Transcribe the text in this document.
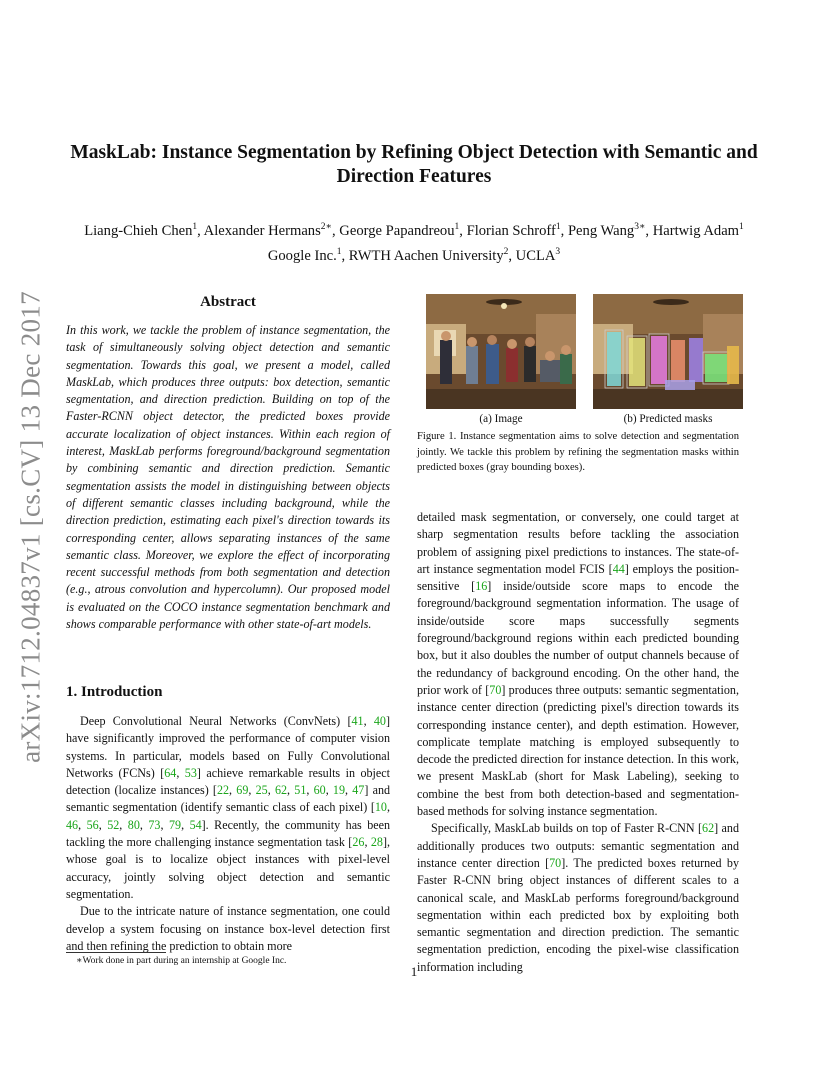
arXiv:1712.04837v1 [cs.CV] 13 Dec 2017
MaskLab: Instance Segmentation by Refining Object Detection with Semantic and Direction Features
Liang-Chieh Chen$^1$, Alexander Hermans$^{2∗}$, George Papandreou$^1$, Florian Schroff$^1$, Peng Wang$^{3∗}$, Hartwig Adam$^1$
Google Inc.$^1$, RWTH Aachen University$^2$, UCLA$^3$
Abstract
In this work, we tackle the problem of instance segmentation, the task of simultaneously solving object detection and semantic segmentation. Towards this goal, we present a model, called MaskLab, which produces three outputs: box detection, semantic segmentation, and direction prediction. Building on top of the Faster-RCNN object detector, the predicted boxes provide accurate localization of object instances. Within each region of interest, MaskLab performs foreground/background segmentation by combining semantic and direction prediction. Semantic segmentation assists the model in distinguishing between objects of different semantic classes including background, while the direction prediction, estimating each pixel's direction towards its corresponding center, allows separating instances of the same semantic class. Moreover, we explore the effect of incorporating recent successful methods from both segmentation and detection (e.g., atrous convolution and hypercolumn). Our proposed model is evaluated on the COCO instance segmentation benchmark and shows comparable performance with other state-of-art models.
1. Introduction

Deep Convolutional Neural Networks (ConvNets) [41, 40] have significantly improved the performance of computer vision systems. In particular, models based on Fully Convolutional Networks (FCNs) [64, 53] achieve remarkable results in object detection (localize instances) [22, 69, 25, 62, 51, 60, 19, 47] and semantic segmentation (identify semantic class of each pixel) [10, 46, 56, 52, 80, 73, 79, 54]. Recently, the community has been tackling the more challenging instance segmentation task [26, 28], whose goal is to localize object instances with pixel-level accuracy, jointly solving object detection and semantic segmentation.

Due to the intricate nature of instance segmentation, one could develop a system focusing on instance box-level detection first and then refining the prediction to obtain more

∗Work done in part during an internship at Google Inc.
1
(a) Image	(b) Predicted masks
Figure 1. Instance segmentation aims to solve detection and segmentation jointly. We tackle this problem by refining the segmentation masks within predicted boxes (gray bounding boxes).

detailed mask segmentation, or conversely, one could target at sharp segmentation results before tackling the association problem of assigning pixel predictions to instances. The state-of-art instance segmentation model FCIS [44] employs the position-sensitive [16] inside/outside score maps to encode the foreground/background segmentation information. The usage of inside/outside score maps successfully segments foreground/background regions within each predicted bounding box, but it also doubles the number of output channels because of the redundancy of background encoding. On the other hand, the prior work of [70] produces three outputs: semantic segmentation, instance center direction (predicting pixel's direction towards its corresponding instance center), and depth estimation. However, complicate template matching is employed subsequently to decode the predicted direction for instance detection. In this work, we present MaskLab (short for Mask Labeling), seeking to combine the best from both detection-based and segmentation-based methods for solving instance segmentation.

Specifically, MaskLab builds on top of Faster R-CNN [62] and additionally produces two outputs: semantic segmentation and instance center direction [70]. The predicted boxes returned by Faster R-CNN bring object instances of different scales to a canonical scale, and MaskLab performs foreground/background segmentation within each predicted box by exploiting both semantic segmentation and direction prediction. The semantic segmentation prediction, encoding the pixel-wise classification information including
